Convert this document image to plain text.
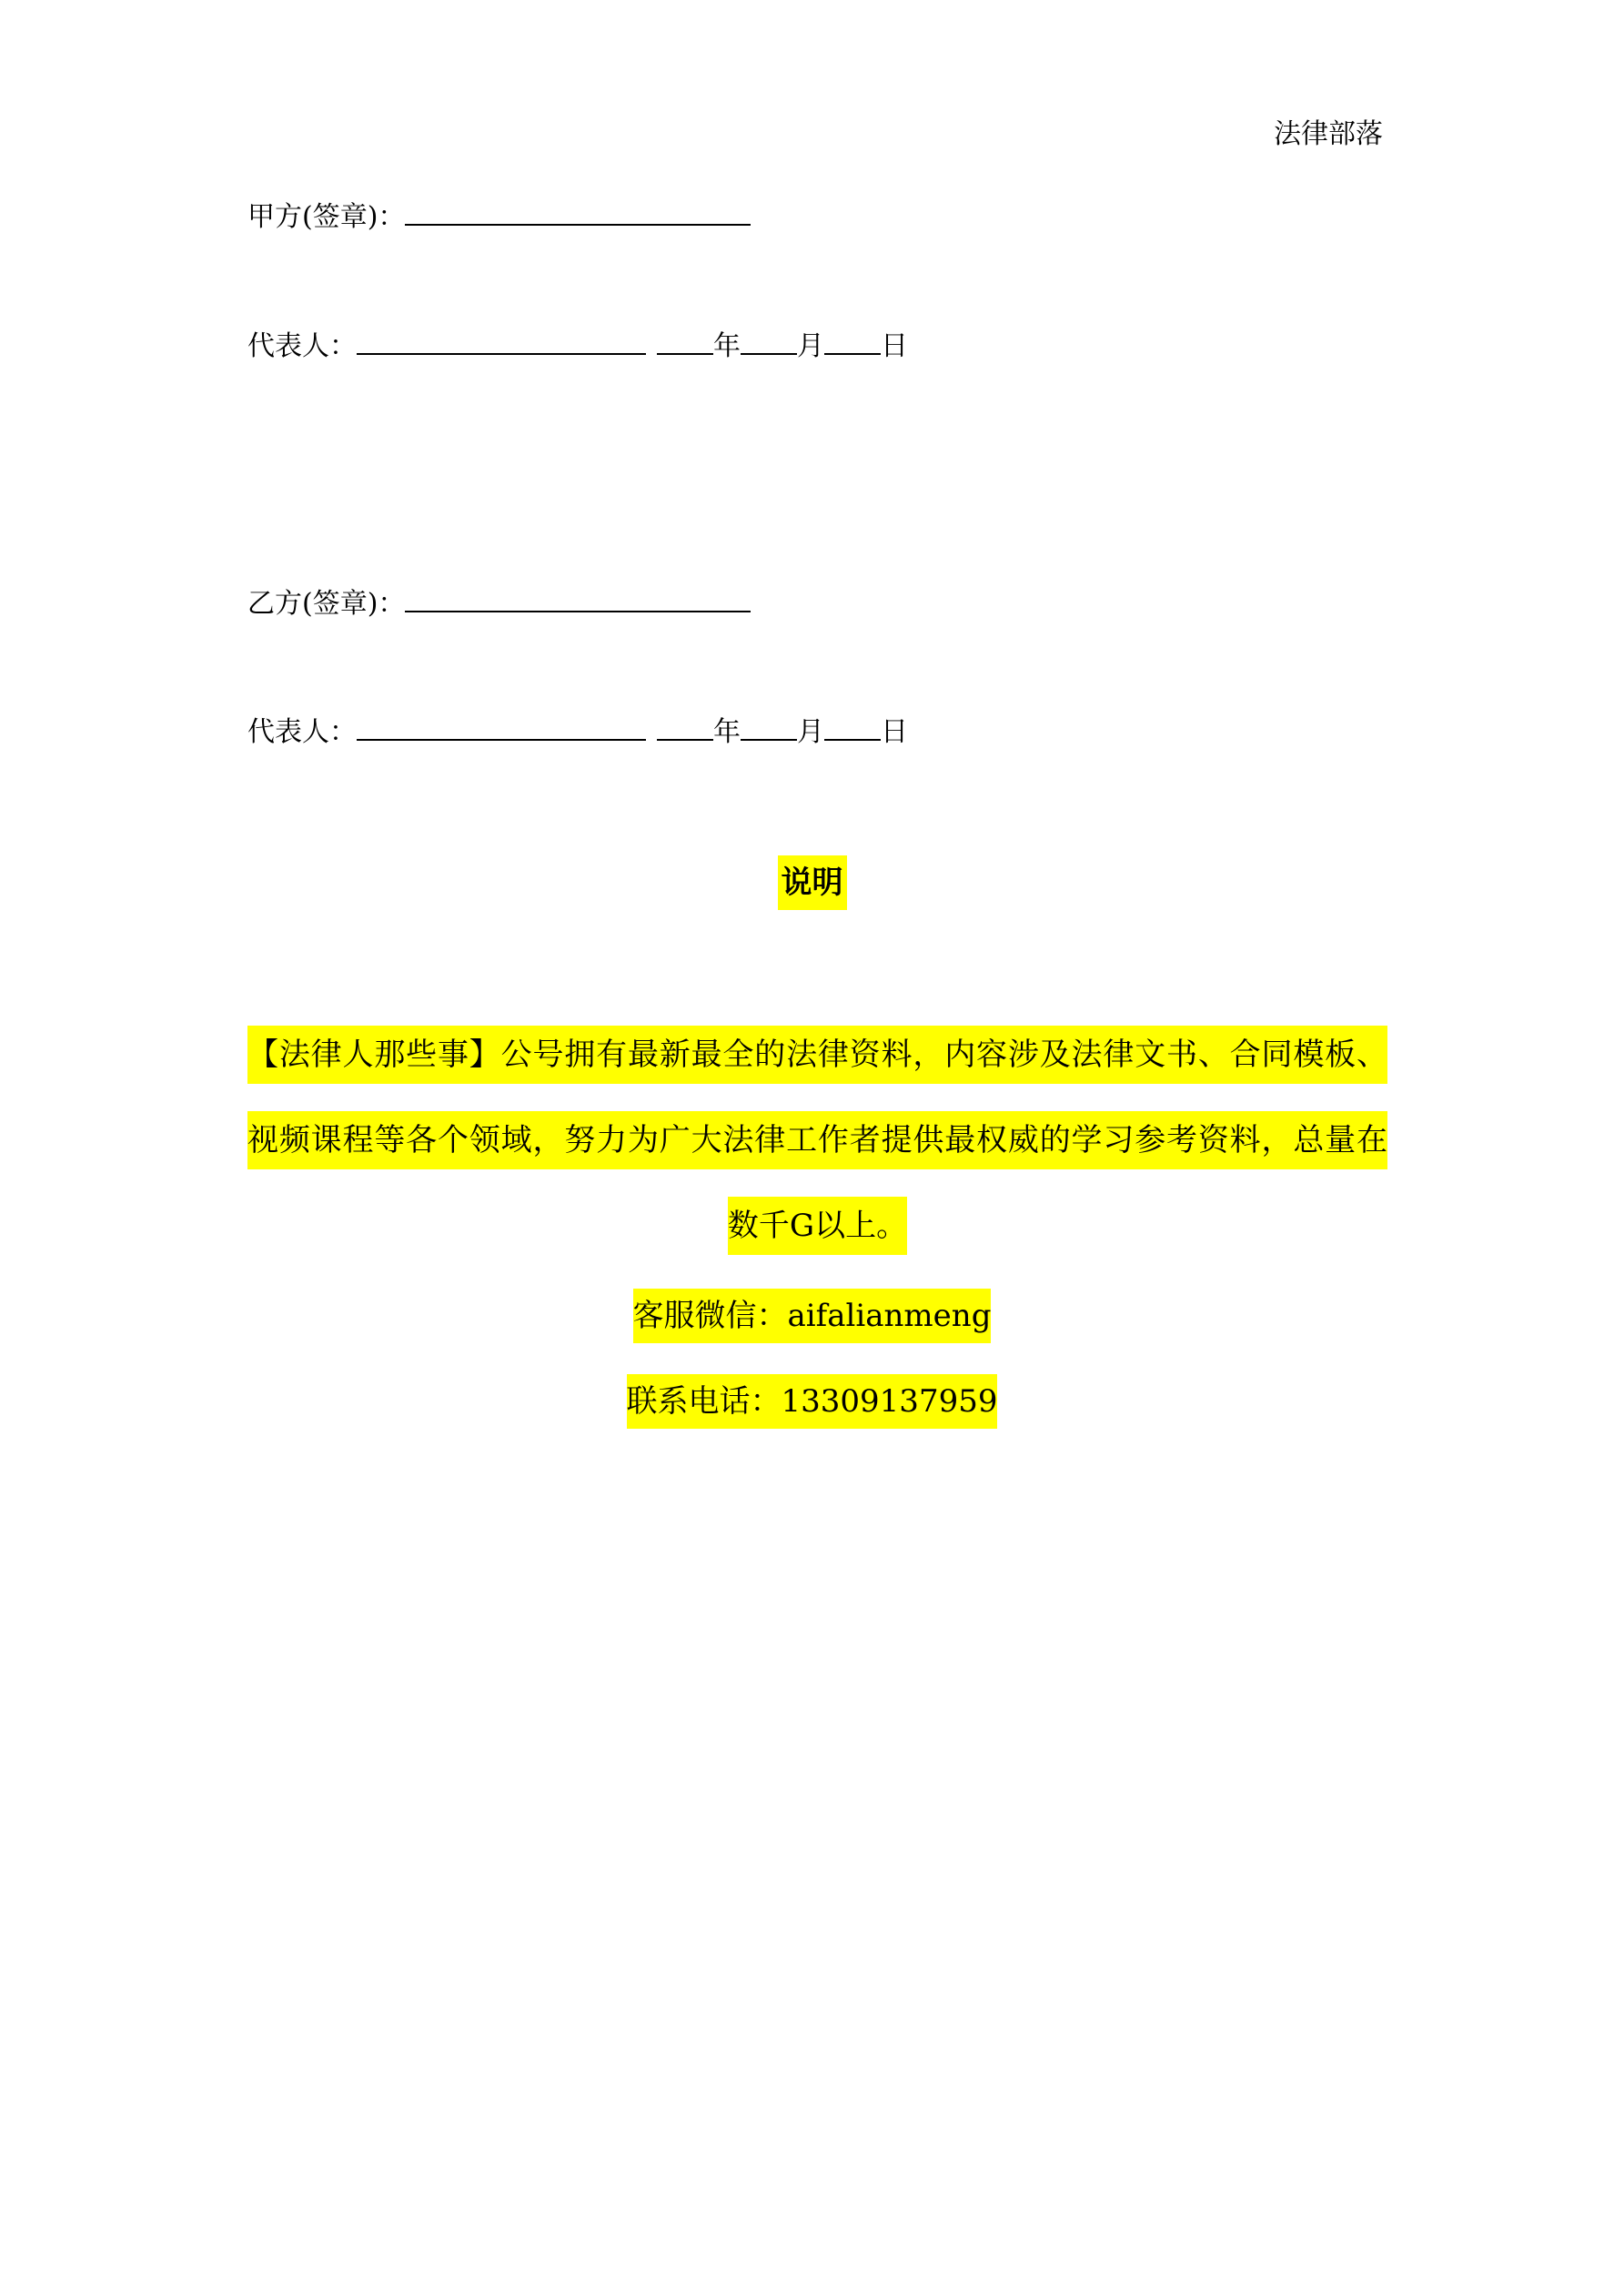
法律部落
甲方(签章)：
代表人：	年 月 日
乙方(签章)：
代表人：	年 月 日
说明
【法律人那些事】公号拥有最新最全的法律资料，内容涉及法律文书、合同模板、视频课程等各个领域，努力为广大法律工作者提供最权威的学习参考资料，总量在数千G以上。
客服微信：aifalianmeng
联系电话：13309137959
